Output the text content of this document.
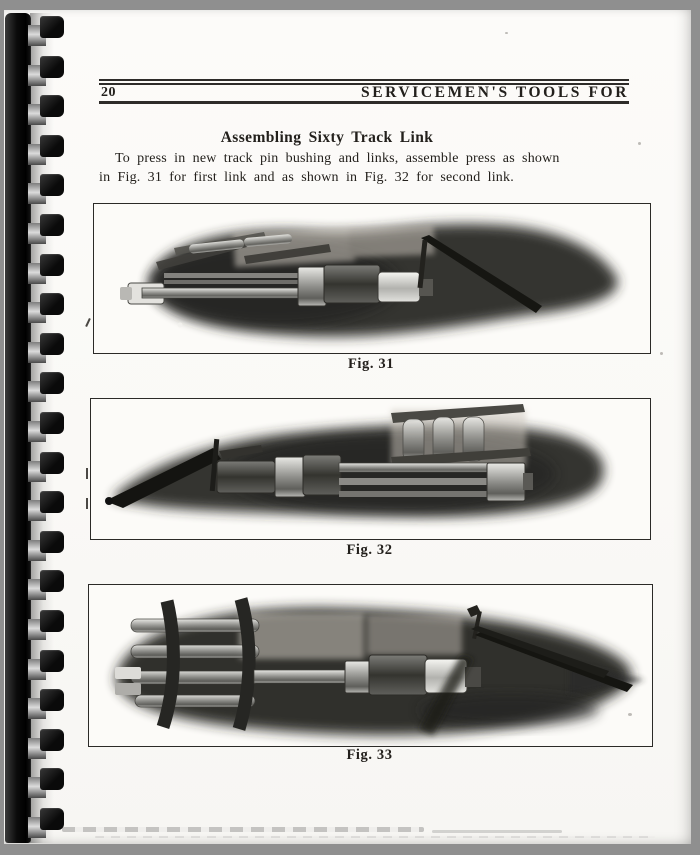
20	SERVICEMEN'S TOOLS FOR
Assembling Sixty Track Link
To press in new track pin bushing and links, assemble press as shown
in Fig. 31 for first link and as shown in Fig. 32 for second link.
Fig. 31
Fig. 32
Fig. 33
